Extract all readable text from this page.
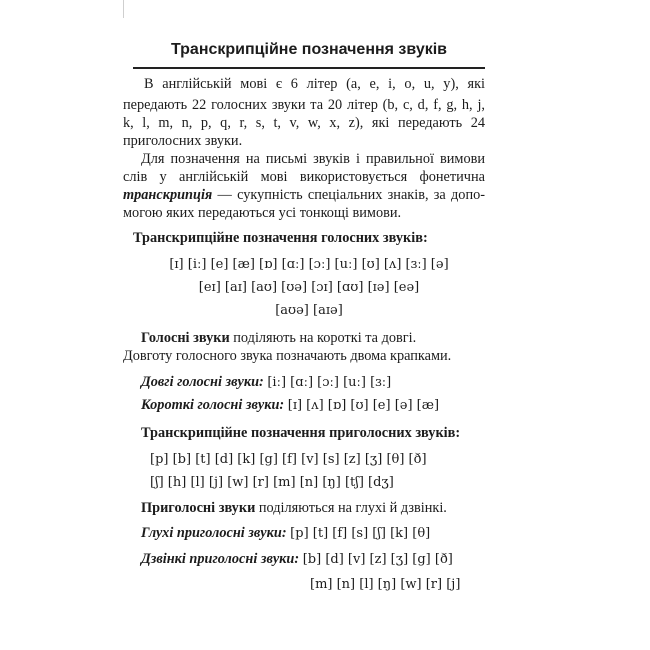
Транскрипційне позначення звуків
В англійській мові є 6 літер (a, e, i, o, u, y), які
передають 22 голосних звуки та 20 літер (b, c, d, f, g, h, j,
k, l, m, n, p, q, r, s, t, v, w, x, z), які передають 24
приголосних звуки.
Для позначення на письмі звуків і правильної вимови
слів у англійській мові використовується фонетична
транскрипція — сукупність спеціальних знаків, за допо-
могою яких передаються усі тонкощі вимови.
Транскрипційне позначення голосних звуків:
[ɪ] [iː] [e] [æ] [ɒ] [ɑː] [ɔː] [uː] [ʊ] [ʌ] [ɜː] [ə]
[eɪ] [aɪ] [aʊ] [ʊə] [ɔɪ] [ɑʊ] [ɪə] [eə]
[aʊə] [aɪə]
Голосні звуки поділяють на короткі та довгі.
Довготу голосного звука позначають двома крапками.
Довгі голосні звуки: [iː] [ɑː] [ɔː] [uː] [ɜː]
Короткі голосні звуки: [ɪ] [ʌ] [ɒ] [ʊ] [e] [ə] [æ]
Транскрипційне позначення приголосних звуків:
[p] [b] [t] [d] [k] [g] [f] [v] [s] [z] [ʒ] [θ] [ð]
[ʃ] [h] [l] [j] [w] [r] [m] [n] [ŋ] [tʃ] [dʒ]
Приголосні звуки поділяються на глухі й дзвінкі.
Глухі приголосні звуки: [p] [t] [f] [s] [ʃ] [k] [θ]
Дзвінкі приголосні звуки: [b] [d] [v] [z] [ʒ] [g] [ð]
[m] [n] [l] [ŋ] [w] [r] [j]
